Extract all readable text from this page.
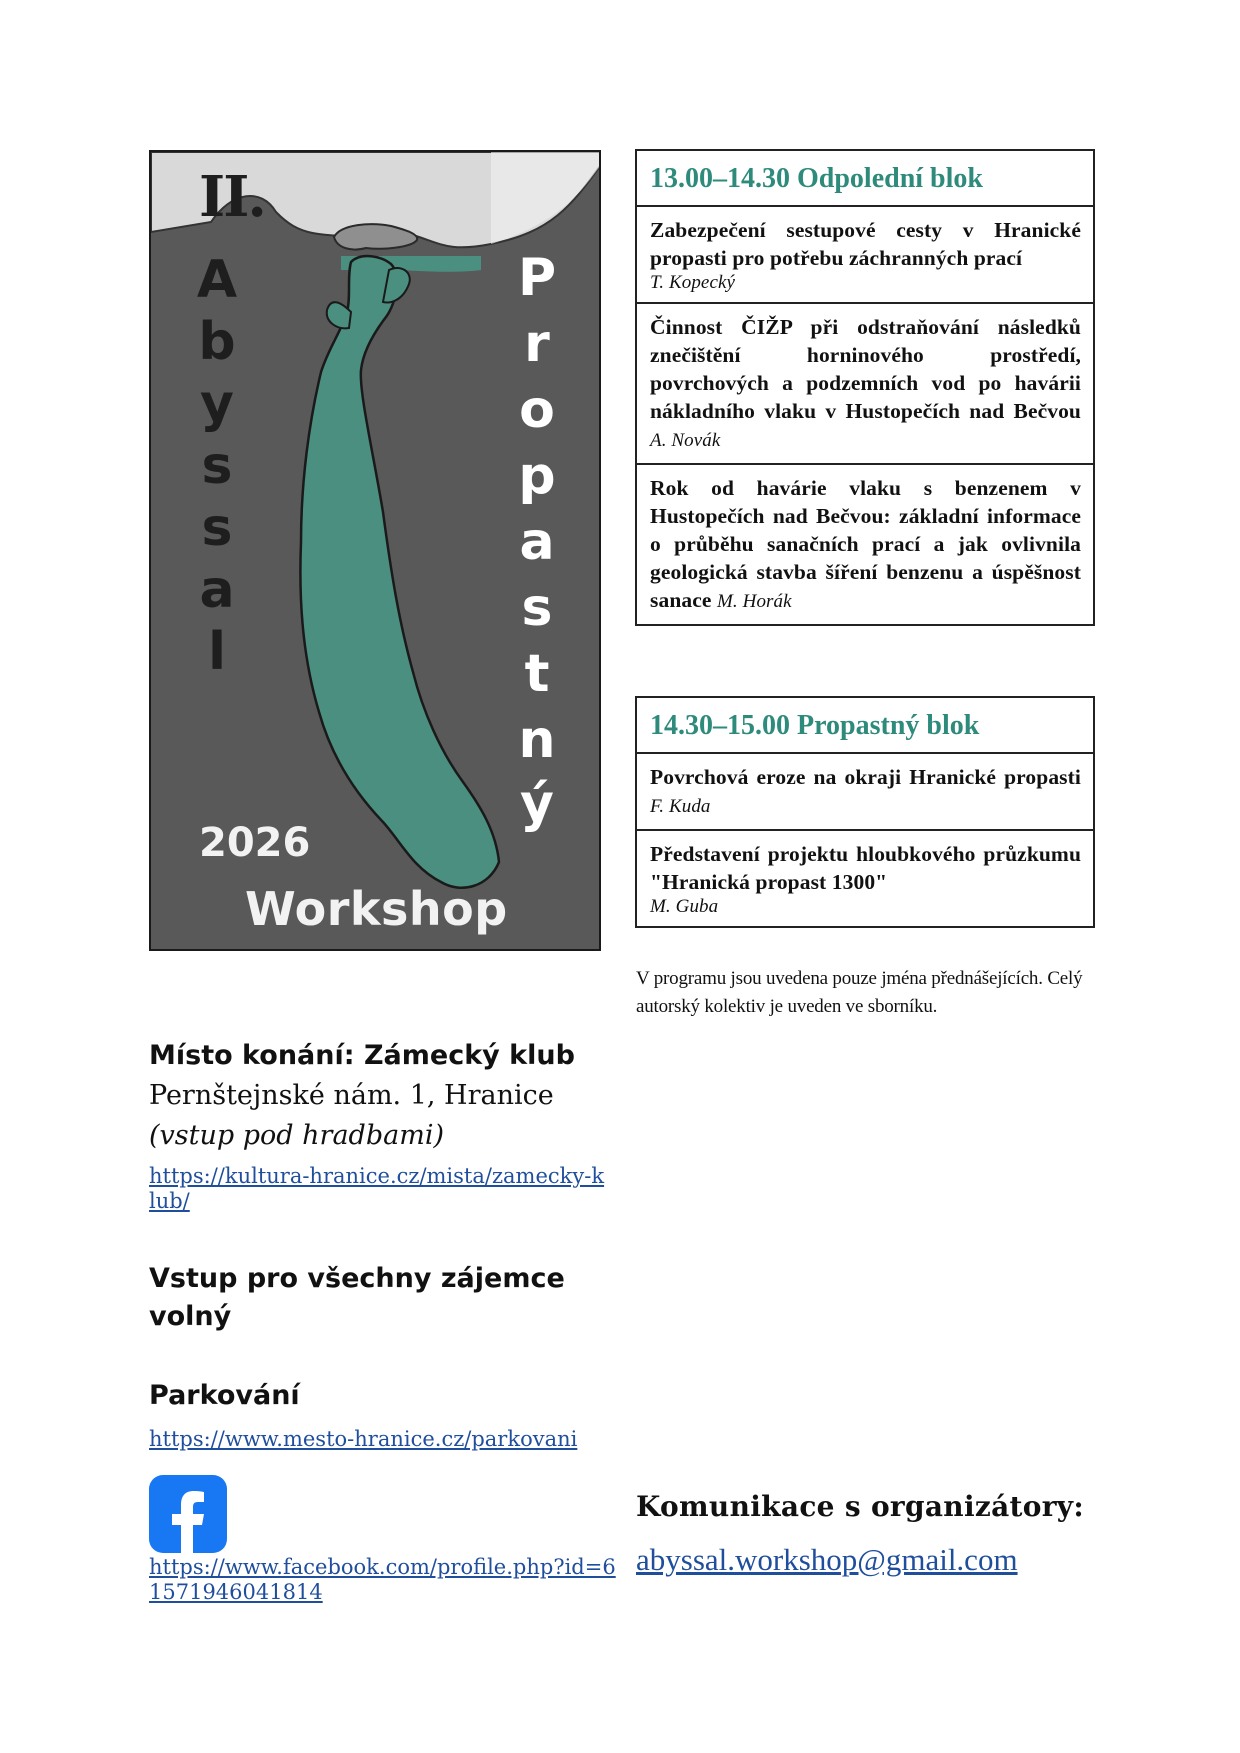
II.
A
b
y
s
s
a
l
P
r
o
p
a
s
t
n
ý
2026
Workshop
13.00–14.30 Odpolední blok
Zabezpečení sestupové cesty v Hranické propasti pro potřebu záchranných prací
T. Kopecký
Činnost ČIŽP při odstraňování následků znečištění horninového prostředí, povrchových a podzemních vod po havárii nákladního vlaku v Hustopečích nad Bečvou A. Novák
Rok od havárie vlaku s benzenem v Hustopečích nad Bečvou: základní informace o průběhu sanačních prací a jak ovlivnila geologická stavba šíření benzenu a úspěšnost sanace M. Horák
14.30–15.00 Propastný blok
Povrchová eroze na okraji Hranické propasti F. Kuda
Představení projektu hloubkového průzkumu "Hranická propast 1300"
M. Guba
V programu jsou uvedena pouze jména přednášejících. Celý autorský kolektiv je uveden ve sborníku.
Místo konání: Zámecký klub
Pernštejnské nám. 1, Hranice
(vstup pod hradbami)
https://kultura-hranice.cz/mista/zamecky-klub/
Vstup pro všechny zájemce volný
Parkování
https://www.mesto-hranice.cz/parkovani
https://www.facebook.com/profile.php?id=61571946041814
Komunikace s organizátory:
abyssal.workshop@gmail.com
